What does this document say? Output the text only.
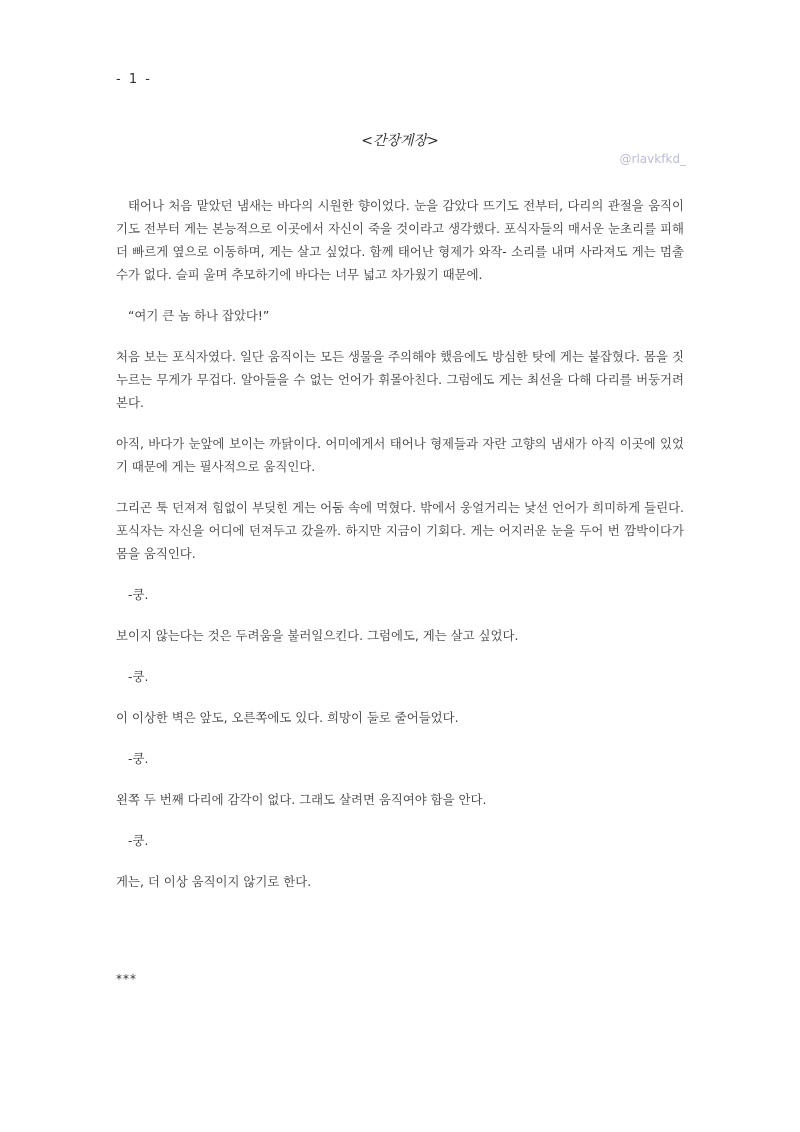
- 1 -
<간장게장>
@rlavkfkd_

태어나 처음 맡았던 냄새는 바다의 시원한 향이었다. 눈을 감았다 뜨기도 전부터, 다리의 관절을 움직이기도 전부터 게는 본능적으로 이곳에서 자신이 죽을 것이라고 생각했다. 포식자들의 매서운 눈초리를 피해 더 빠르게 옆으로 이동하며, 게는 살고 싶었다. 함께 태어난 형제가 와작- 소리를 내며 사라져도 게는 멈출 수가 없다. 슬피 울며 추모하기에 바다는 너무 넓고 차가웠기 때문에.

“여기 큰 놈 하나 잡았다!”

처음 보는 포식자였다. 일단 움직이는 모든 생물을 주의해야 했음에도 방심한 탓에 게는 붙잡혔다. 몸을 짓누르는 무게가 무겁다. 알아들을 수 없는 언어가 휘몰아친다. 그럼에도 게는 최선을 다해 다리를 버둥거려본다.

아직, 바다가 눈앞에 보이는 까닭이다. 어미에게서 태어나 형제들과 자란 고향의 냄새가 아직 이곳에 있었기 때문에 게는 필사적으로 움직인다.

그리곤 툭 던져져 힘없이 부딪힌 게는 어둠 속에 먹혔다. 밖에서 웅얼거리는 낯선 언어가 희미하게 들린다. 포식자는 자신을 어디에 던져두고 갔을까. 하지만 지금이 기회다. 게는 어지러운 눈을 두어 번 깜박이다가 몸을 움직인다.

-쿵.

보이지 않는다는 것은 두려움을 불러일으킨다. 그럼에도, 게는 살고 싶었다.

-쿵.

이 이상한 벽은 앞도, 오른쪽에도 있다. 희망이 둘로 줄어들었다.

-쿵.

왼쪽 두 번째 다리에 감각이 없다. 그래도 살려면 움직여야 함을 안다.

-쿵.

게는, 더 이상 움직이지 않기로 한다.

***
